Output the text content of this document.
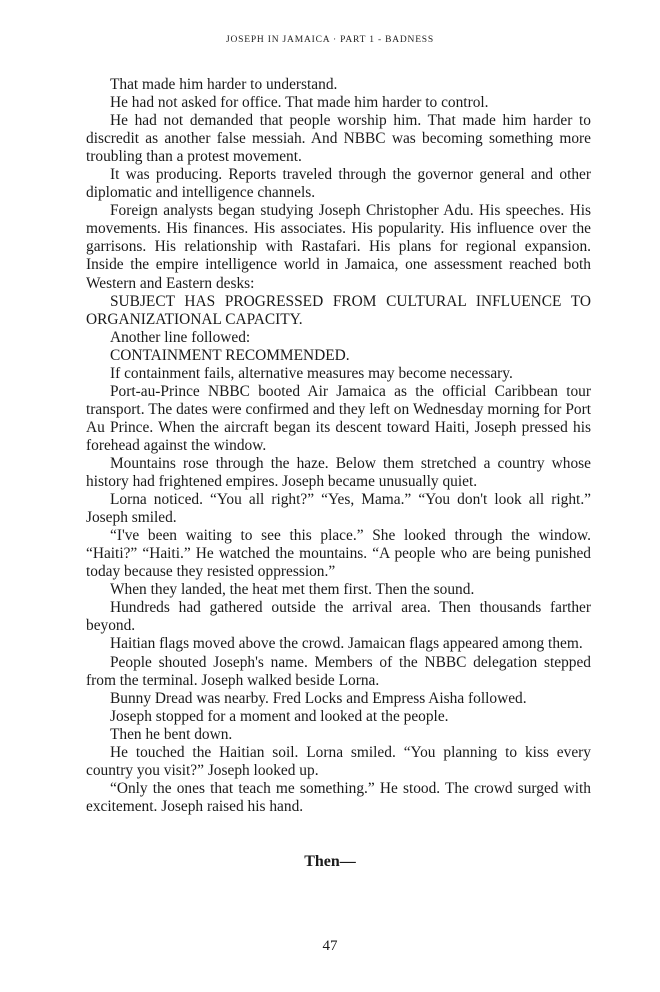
JOSEPH IN JAMAICA · PART 1 - BADNESS

That made him harder to understand.

He had not asked for office. That made him harder to control.

He had not demanded that people worship him. That made him harder to discredit as another false messiah. And NBBC was becoming something more troubling than a protest movement.

It was producing. Reports traveled through the governor general and other diplomatic and intelligence channels.

Foreign analysts began studying Joseph Christopher Adu. His speeches. His movements. His finances. His associates. His popularity. His influence over the garrisons. His relationship with Rastafari. His plans for regional expansion. Inside the empire intelligence world in Jamaica, one assessment reached both Western and Eastern desks:

SUBJECT HAS PROGRESSED FROM CULTURAL INFLUENCE TO ORGANIZATIONAL CAPACITY.

Another line followed:

CONTAINMENT RECOMMENDED.

If containment fails, alternative measures may become necessary.

Port-au-Prince NBBC booted Air Jamaica as the official Caribbean tour transport. The dates were confirmed and they left on Wednesday morning for Port Au Prince. When the aircraft began its descent toward Haiti, Joseph pressed his forehead against the window.

Mountains rose through the haze. Below them stretched a country whose history had frightened empires. Joseph became unusually quiet.

Lorna noticed. “You all right?” “Yes, Mama.” “You don't look all right.” Joseph smiled.

“I've been waiting to see this place.” She looked through the window. “Haiti?” “Haiti.” He watched the mountains. “A people who are being punished today because they resisted oppression.”

When they landed, the heat met them first. Then the sound.

Hundreds had gathered outside the arrival area. Then thousands farther beyond.

Haitian flags moved above the crowd. Jamaican flags appeared among them.

People shouted Joseph's name. Members of the NBBC delegation stepped from the terminal. Joseph walked beside Lorna.

Bunny Dread was nearby. Fred Locks and Empress Aisha followed.

Joseph stopped for a moment and looked at the people.

Then he bent down.

He touched the Haitian soil. Lorna smiled. “You planning to kiss every country you visit?” Joseph looked up.

“Only the ones that teach me something.” He stood. The crowd surged with excitement. Joseph raised his hand.

Then—
47
